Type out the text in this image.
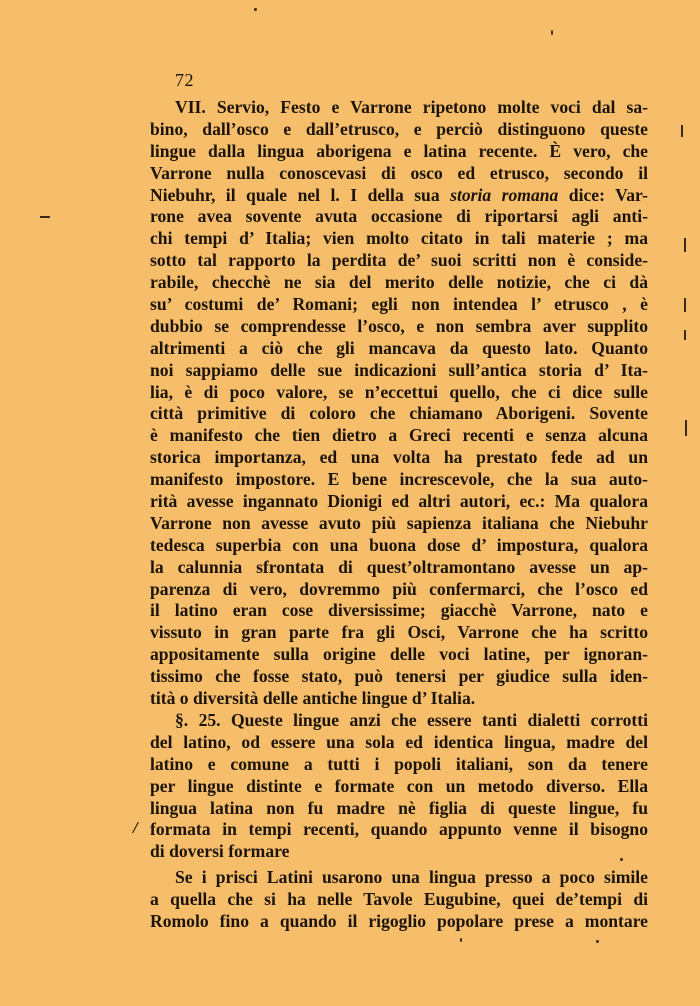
72
VII. Servio, Festo e Varrone ripetono molte voci dal sa-
bino, dall’osco e dall’etrusco, e perciò distinguono queste
lingue dalla lingua aborigena e latina recente. È vero, che
Varrone nulla conoscevasi di osco ed etrusco, secondo il
Niebuhr, il quale nel l. I della sua storia romana dice: Var-
rone avea sovente avuta occasione di riportarsi agli anti-
chi tempi d’ Italia; vien molto citato in tali materie ; ma
sotto tal rapporto la perdita de’ suoi scritti non è conside-
rabile, checchè ne sia del merito delle notizie, che ci dà
su’ costumi de’ Romani; egli non intendea l’ etrusco , è
dubbio se comprendesse l’osco, e non sembra aver supplito
altrimenti a ciò che gli mancava da questo lato. Quanto
noi sappiamo delle sue indicazioni sull’antica storia d’ Ita-
lia, è di poco valore, se n’eccettui quello, che ci dice sulle
città primitive di coloro che chiamano Aborigeni. Sovente
è manifesto che tien dietro a Greci recenti e senza alcuna
storica importanza, ed una volta ha prestato fede ad un
manifesto impostore. E bene increscevole, che la sua auto-
rità avesse ingannato Dionigi ed altri autori, ec.: Ma qualora
Varrone non avesse avuto più sapienza italiana che Niebuhr
tedesca superbia con una buona dose d’ impostura, qualora
la calunnia sfrontata di quest’oltramontano avesse un ap-
parenza di vero, dovremmo più confermarci, che l’osco ed
il latino eran cose diversissime; giacchè Varrone, nato e
vissuto in gran parte fra gli Osci, Varrone che ha scritto
appositamente sulla origine delle voci latine, per ignoran-
tissimo che fosse stato, può tenersi per giudice sulla iden-
tità o diversità delle antiche lingue d’ Italia.
§. 25. Queste lingue anzi che essere tanti dialetti corrotti
del latino, od essere una sola ed identica lingua, madre del
latino e comune a tutti i popoli italiani, son da tenere
per lingue distinte e formate con un metodo diverso. Ella
lingua latina non fu madre nè figlia di queste lingue, fu
formata in tempi recenti, quando appunto venne il bisogno
di doversi formare
Se i prisci Latini usarono una lingua presso a poco simile
a quella che si ha nelle Tavole Eugubine, quei de’tempi di
Romolo fino a quando il rigoglio popolare prese a montare
/
